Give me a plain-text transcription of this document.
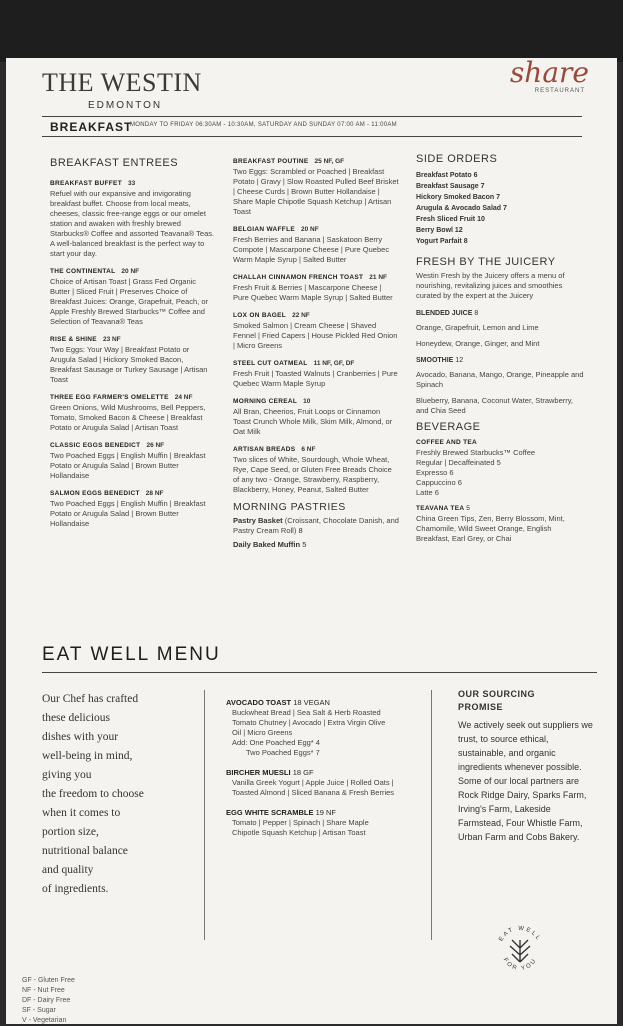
THE WESTIN
EDMONTON
share
RESTAURANT
BREAKFAST
MONDAY TO FRIDAY 06:30AM - 10:30AM, SATURDAY AND SUNDAY 07:00 AM - 11:00AM
BREAKFAST ENTREES
BREAKFAST BUFFET 33
Refuel with our expansive and invigorating breakfast buffet. Choose from local meats, cheeses, classic free-range eggs or our omelet station and awaken with freshly brewed Starbucks® Coffee and assorted Teavana® Teas. A well-balanced breakfast is the perfect way to start your day.
THE CONTINENTAL 20 NF
Choice of Artisan Toast | Grass Fed Organic Butter | Sliced Fruit | Preserves Choice of Breakfast Juices: Orange, Grapefruit, Peach, or Apple Freshly Brewed Starbucks™ Coffee and Selection of Teavana® Teas
RISE & SHINE 23 NF
Two Eggs: Your Way | Breakfast Potato or Arugula Salad | Hickory Smoked Bacon, Breakfast Sausage or Turkey Sausage | Artisan Toast
THREE EGG FARMER'S OMELETTE 24 NF
Green Onions, Wild Mushrooms, Bell Peppers, Tomato, Smoked Bacon & Cheese | Breakfast Potato or Arugula Salad | Artisan Toast
CLASSIC EGGS BENEDICT 26 NF
Two Poached Eggs | English Muffin | Breakfast Potato or Arugula Salad | Brown Butter Hollandaise
SALMON EGGS BENEDICT 28 NF
Two Poached Eggs | English Muffin | Breakfast Potato or Arugula Salad | Brown Butter Hollandaise
BREAKFAST POUTINE 25 NF, GF
Two Eggs: Scrambled or Poached | Breakfast Potato | Gravy | Slow Roasted Pulled Beef Brisket | Cheese Curds | Brown Butter Hollandaise | Share Maple Chipotle Squash Ketchup | Artisan Toast
BELGIAN WAFFLE 20 NF
Fresh Berries and Banana | Saskatoon Berry Compote | Mascarpone Cheese | Pure Quebec Warm Maple Syrup | Salted Butter
CHALLAH CINNAMON FRENCH TOAST 21 NF
Fresh Fruit & Berries | Mascarpone Cheese | Pure Quebec Warm Maple Syrup | Salted Butter
LOX ON BAGEL 22 NF
Smoked Salmon | Cream Cheese | Shaved Fennel | Fried Capers | House Pickled Red Onion | Micro Greens
STEEL CUT OATMEAL 11 NF, GF, DF
Fresh Fruit | Toasted Walnuts | Cranberries | Pure Quebec Warm Maple Syrup
MORNING CEREAL 10
All Bran, Cheerios, Fruit Loops or Cinnamon Toast Crunch Whole Milk, Skim Milk, Almond, or Oat Milk
ARTISAN BREADS 6 NF
Two slices of White, Sourdough, Whole Wheat, Rye, Cape Seed, or Gluten Free Breads Choice of any two - Orange, Strawberry, Raspberry, Blackberry, Honey, Peanut, Salted Butter
MORNING PASTRIES
Pastry Basket (Croissant, Chocolate Danish, and Pastry Cream Roll) 8
Daily Baked Muffin 5
SIDE ORDERS
Breakfast Potato 6
Breakfast Sausage 7
Hickory Smoked Bacon 7
Arugula & Avocado Salad 7
Fresh Sliced Fruit 10
Berry Bowl 12
Yogurt Parfait 8
FRESH BY THE JUICERY
Westin Fresh by the Juicery offers a menu of nourishing, revitalizing juices and smoothies curated by the expert at the Juicery
BLENDED JUICE 8
Orange, Grapefruit, Lemon and Lime
Honeydew, Orange, Ginger, and Mint
SMOOTHIE 12
Avocado, Banana, Mango, Orange, Pineapple and Spinach
Blueberry, Banana, Coconut Water, Strawberry, and Chia Seed
BEVERAGE
COFFEE AND TEA
Freshly Brewed Starbucks™ Coffee
Regular | Decaffeinated 5
Expresso 6
Cappuccino 6
Latte 6
TEAVANA TEA 5
China Green Tips, Zen, Berry Blossom, Mint, Chamomile, Wild Sweet Orange, English Breakfast, Earl Grey, or Chai
EAT WELL MENU
Our Chef has crafted
these delicious
dishes with your
well-being in mind,
giving you
the freedom to choose
when it comes to
portion size,
nutritional balance
and quality
of ingredients.
AVOCADO TOAST 18 VEGAN
Buckwheat Bread | Sea Salt & Herb Roasted
Tomato Chutney | Avocado | Extra Virgin Olive
Oil | Micro Greens
Add: One Poached Egg* 4
Two Poached Eggs* 7
BIRCHER MUESLI 18 GF
Vanilla Greek Yogurt | Apple Juice | Rolled Oats |
Toasted Almond | Sliced Banana & Fresh Berries
EGG WHITE SCRAMBLE 19 NF
Tomato | Pepper | Spinach | Share Maple
Chipotle Squash Ketchup | Artisan Toast
OUR SOURCING PROMISE
We actively seek out suppliers we trust, to source ethical, sustainable, and organic ingredients whenever possible. Some of our local partners are Rock Ridge Dairy, Sparks Farm, Irving's Farm, Lakeside Farmstead, Four Whistle Farm, Urban Farm and Cobs Bakery.
EAT WELL
FOR YOU
GF - Gluten Free
NF - Nut Free
DF - Dairy Free
SF - Sugar
V - Vegetarian
